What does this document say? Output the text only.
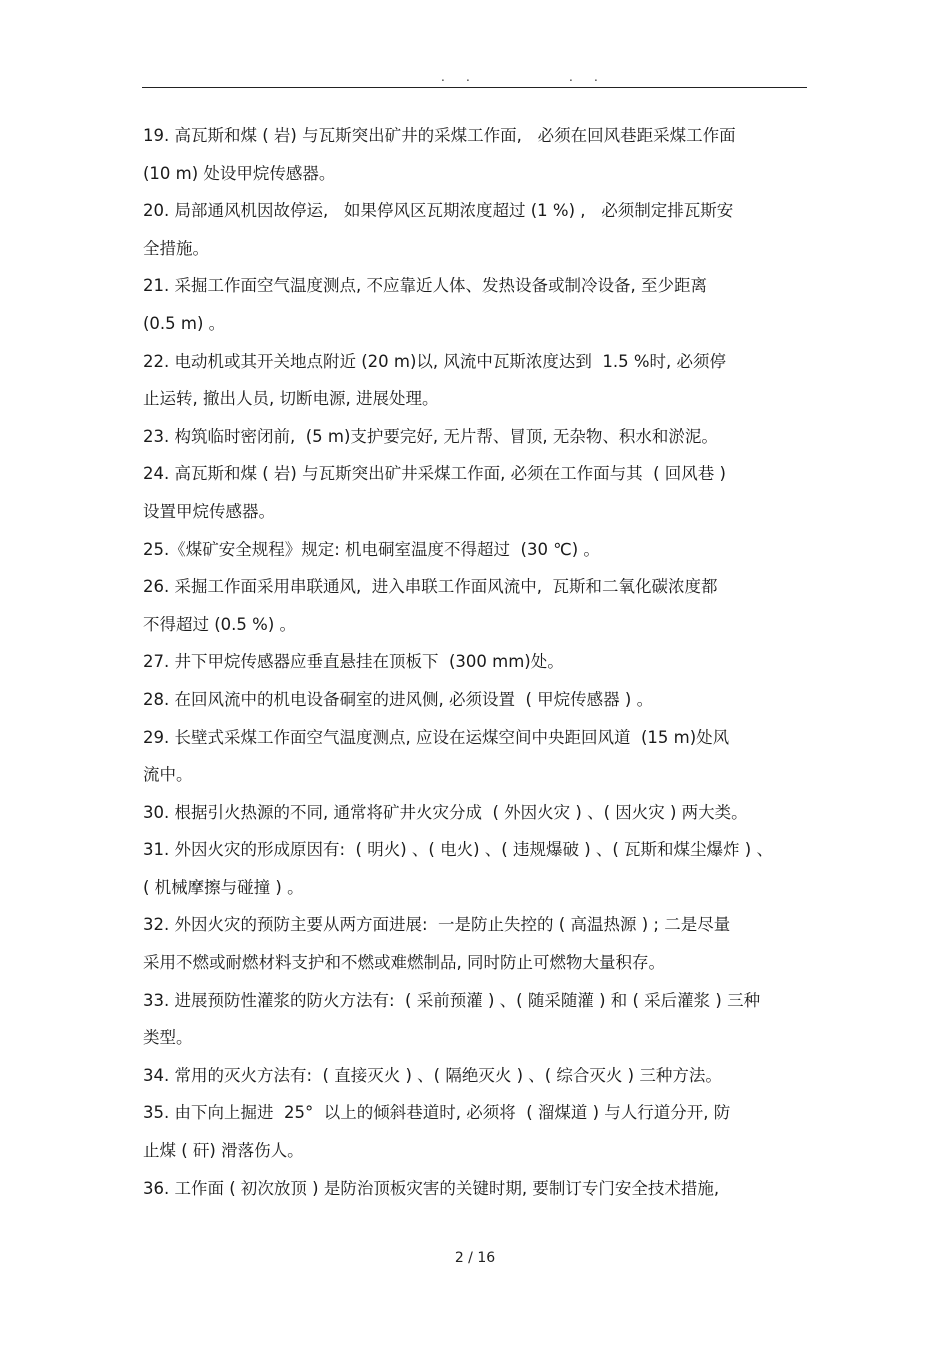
. .	. .
19. 高瓦斯和煤 ( 岩) 与瓦斯突出矿井的采煤工作面,   必须在回风巷距采煤工作面
(10 m) 处设甲烷传感器。
20. 局部通风机因故停运,   如果停风区瓦期浓度超过 (1 %) ,   必须制定排瓦斯安
全措施。
21. 采掘工作面空气温度测点, 不应靠近人体、发热设备或制冷设备, 至少距离
(0.5 m) 。
22. 电动机或其开关地点附近 (20 m)以, 风流中瓦斯浓度达到  1.5 %时, 必须停
止运转, 撤出人员, 切断电源, 进展处理。
23. 构筑临时密闭前,  (5 m)支护要完好, 无片帮、冒顶, 无杂物、积水和淤泥。
24. 高瓦斯和煤 ( 岩) 与瓦斯突出矿井采煤工作面, 必须在工作面与其  ( 回风巷 )
设置甲烷传感器。
25.《煤矿安全规程》规定: 机电硐室温度不得超过  (30 ℃) 。
26. 采掘工作面采用串联通风,  进入串联工作面风流中,  瓦斯和二氧化碳浓度都
不得超过 (0.5 %) 。
27. 井下甲烷传感器应垂直悬挂在顶板下  (300 mm)处。
28. 在回风流中的机电设备硐室的进风侧, 必须设置  ( 甲烷传感器 ) 。
29. 长壁式采煤工作面空气温度测点, 应设在运煤空间中央距回风道  (15 m)处风
流中。
30. 根据引火热源的不同, 通常将矿井火灾分成  ( 外因火灾 ) 、( 因火灾 ) 两大类。
31. 外因火灾的形成原因有:  ( 明火) 、( 电火) 、( 违规爆破 ) 、( 瓦斯和煤尘爆炸 ) 、
( 机械摩擦与碰撞 ) 。
32. 外因火灾的预防主要从两方面进展:  一是防止失控的 ( 高温热源 ) ; 二是尽量
采用不燃或耐燃材料支护和不燃或难燃制品, 同时防止可燃物大量积存。
33. 进展预防性灌浆的防火方法有:  ( 采前预灌 ) 、( 随采随灌 ) 和 ( 采后灌浆 ) 三种
类型。
34. 常用的灭火方法有:  ( 直接灭火 ) 、( 隔绝灭火 ) 、( 综合灭火 ) 三种方法。
35. 由下向上掘进  25°  以上的倾斜巷道时, 必须将  ( 溜煤道 ) 与人行道分开, 防
止煤 ( 矸) 滑落伤人。
36. 工作面 ( 初次放顶 ) 是防治顶板灾害的关键时期, 要制订专门安全技术措施,
2 / 16
